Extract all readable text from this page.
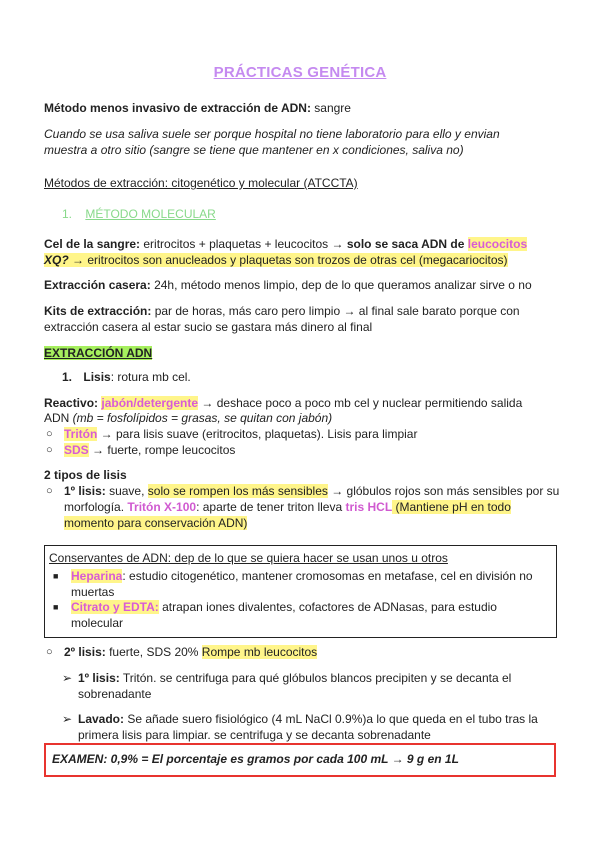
PRÁCTICAS GENÉTICA
Método menos invasivo de extracción de ADN: sangre
Cuando se usa saliva suele ser porque hospital no tiene laboratorio para ello y envian
muestra a otro sitio (sangre se tiene que mantener en x condiciones, saliva no)
Métodos de extracción: citogenético y molecular (ATCCTA)
1. MÉTODO MOLECULAR
Cel de la sangre: eritrocitos + plaquetas + leucocitos → solo se saca ADN de leucocitos
XQ? → eritrocitos son anucleados y plaquetas son trozos de otras cel (megacariocitos)
Extracción casera: 24h, método menos limpio, dep de lo que queramos analizar sirve o no
Kits de extracción: par de horas, más caro pero limpio → al final sale barato porque con
extracción casera al estar sucio se gastara más dinero al final
EXTRACCIÓN ADN
1. Lisis: rotura mb cel.
Reactivo: jabón/detergente → deshace poco a poco mb cel y nuclear permitiendo salida
ADN (mb = fosfolípidos = grasas, se quitan con jabón)
○ Tritón → para lisis suave (eritrocitos, plaquetas). Lisis para limpiar
○ SDS → fuerte, rompe leucocitos
2 tipos de lisis
○ 1º lisis: suave, solo se rompen los más sensibles → glóbulos rojos son más sensibles por su
morfología. Tritón X-100: aparte de tener triton lleva tris HCL (Mantiene pH en todo
momento para conservación ADN)
Conservantes de ADN: dep de lo que se quiera hacer se usan unos u otros
■ Heparina: estudio citogenético, mantener cromosomas en metafase, cel en división no
muertas
■ Citrato y EDTA: atrapan iones divalentes, cofactores de ADNasas, para estudio
molecular
○ 2º lisis: fuerte, SDS 20% Rompe mb leucocitos
➢ 1º lisis: Tritón. se centrifuga para qué glóbulos blancos precipiten y se decanta el
sobrenadante
➢ Lavado: Se añade suero fisiológico (4 mL NaCl 0.9%)a lo que queda en el tubo tras la
primera lisis para limpiar. se centrifuga y se decanta sobrenadante
EXAMEN: 0,9% = El porcentaje es gramos por cada 100 mL → 9 g en 1L
